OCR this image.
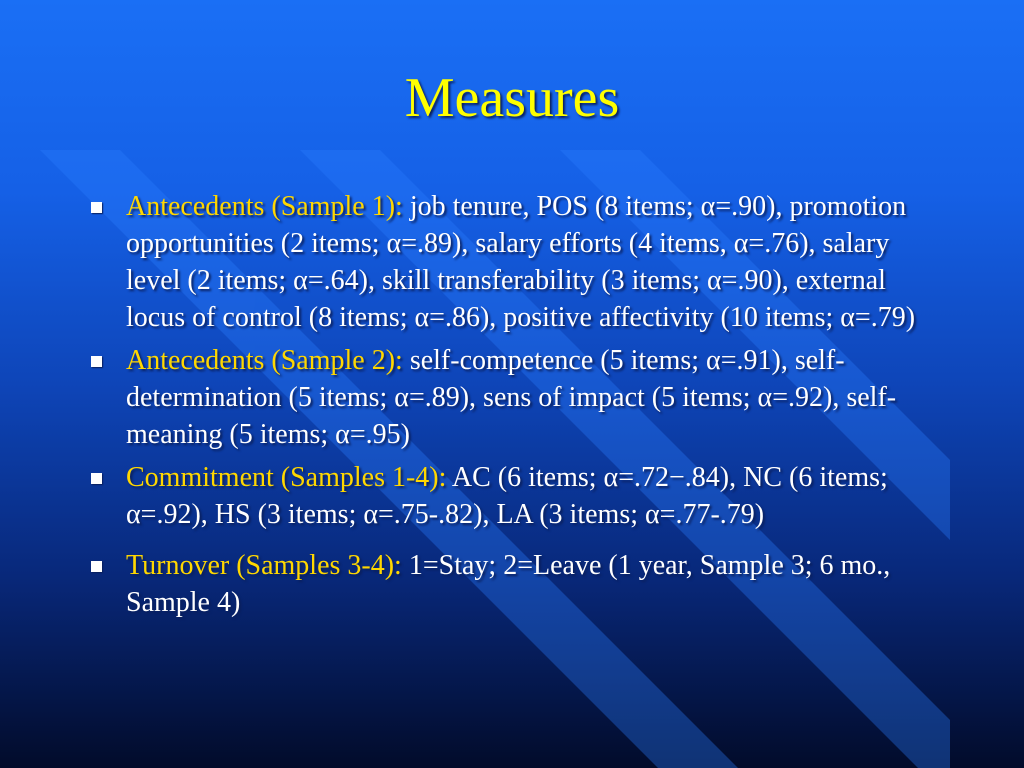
Measures
Antecedents (Sample 1): job tenure, POS (8 items; α=.90), promotion opportunities (2 items; α=.89), salary efforts (4 items, α=.76), salary level (2 items; α=.64), skill transferability (3 items; α=.90), external locus of control (8 items; α=.86), positive affectivity (10 items; α=.79)
Antecedents (Sample 2): self-competence (5 items; α=.91), self-determination (5 items; α=.89), sens of impact (5 items; α=.92), self-meaning (5 items; α=.95)
Commitment (Samples 1-4): AC (6 items; α=.72−.84), NC (6 items; α=.92), HS (3 items; α=.75-.82), LA (3 items; α=.77-.79)
Turnover (Samples 3-4): 1=Stay; 2=Leave (1 year, Sample 3; 6 mo., Sample 4)
